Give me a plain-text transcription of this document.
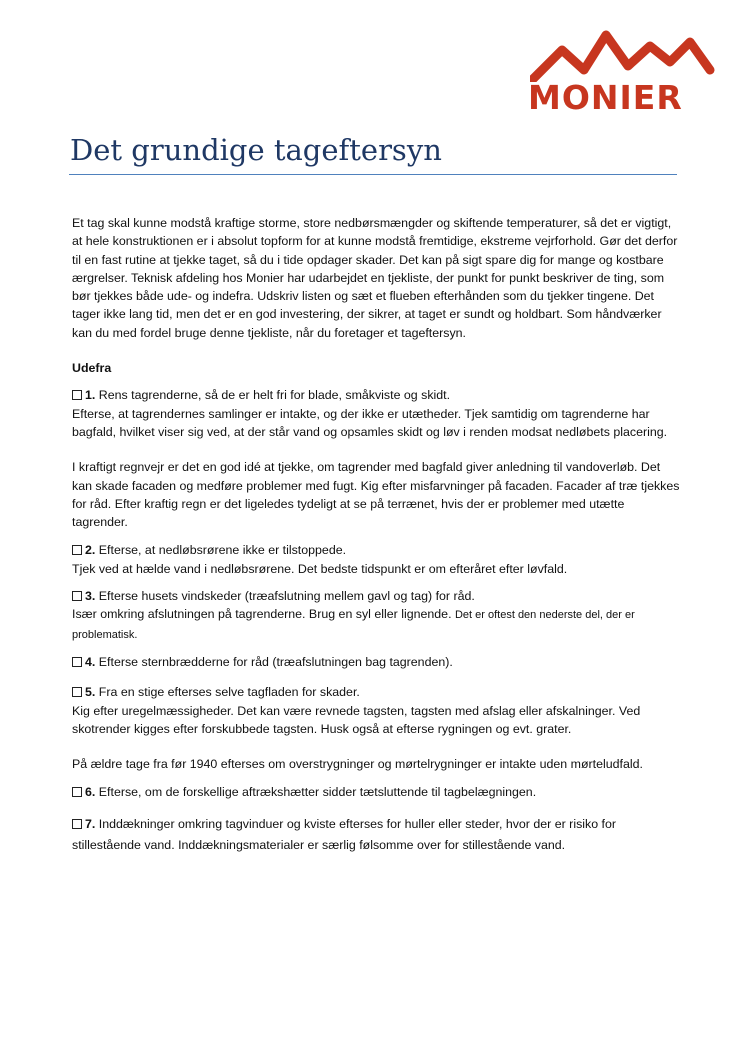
MONIER
Det grundige tageftersyn

Et tag skal kunne modstå kraftige storme, store nedbørsmængder og skiftende temperaturer, så det er vigtigt, at hele konstruktionen er i absolut topform for at kunne modstå fremtidige, ekstreme vejrforhold. Gør det derfor til en fast rutine at tjekke taget, så du i tide opdager skader. Det kan på sigt spare dig for mange og kostbare ærgrelser. Teknisk afdeling hos Monier har udarbejdet en tjekliste, der punkt for punkt beskriver de ting, som bør tjekkes både ude- og indefra. Udskriv listen og sæt et flueben efterhånden som du tjekker tingene. Det tager ikke lang tid, men det er en god investering, der sikrer, at taget er sundt og holdbart. Som håndværker kan du med fordel bruge denne tjekliste, når du foretager et tageftersyn.

Udefra
1. Rens tagrenderne, så de er helt fri for blade, småkviste og skidt.

Efterse, at tagrendernes samlinger er intakte, og der ikke er utætheder. Tjek samtidig om tagrenderne har bagfald, hvilket viser sig ved, at der står vand og opsamles skidt og løv i renden modsat nedløbets placering.

I kraftigt regnvejr er det en god idé at tjekke, om tagrender med bagfald giver anledning til vandoverløb. Det kan skade facaden og medføre problemer med fugt. Kig efter misfarvninger på facaden. Facader af træ tjekkes for råd. Efter kraftig regn er det ligeledes tydeligt at se på terrænet, hvis der er problemer med utætte tagrender.

2. Efterse, at nedløbsrørene ikke er tilstoppede.
Tjek ved at hælde vand i nedløbsrørene. Det bedste tidspunkt er om efteråret efter løvfald.
3. Efterse husets vindskeder (træafslutning mellem gavl og tag) for råd.
Især omkring afslutningen på tagrenderne. Brug en syl eller lignende. Det er oftest den nederste del, der er problematisk.
4. Efterse sternbrædderne for råd (træafslutningen bag tagrenden).
5. Fra en stige efterses selve tagfladen for skader.

Kig efter uregelmæssigheder. Det kan være revnede tagsten, tagsten med afslag eller afskalninger. Ved skotrender kigges efter forskubbede tagsten. Husk også at efterse rygningen og evt. grater.

På ældre tage fra før 1940 efterses om overstrygninger og mørtelrygninger er intakte uden mørteludfald.

6. Efterse, om de forskellige aftrækshætter sidder tætsluttende til tagbelægningen.
7. Inddækninger omkring tagvinduer og kviste efterses for huller eller steder, hvor der er risiko for stillestående vand. Inddækningsmaterialer er særlig følsomme over for stillestående vand.
